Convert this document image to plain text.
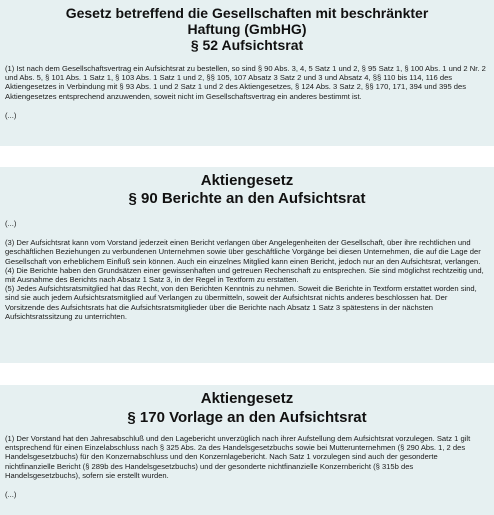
Gesetz betreffend die Gesellschaften mit beschränkter
Haftung (GmbHG)
§ 52 Aufsichtsrat

(1) Ist nach dem Gesellschaftsvertrag ein Aufsichtsrat zu bestellen, so sind § 90 Abs. 3, 4, 5 Satz 1 und 2, § 95 Satz 1, § 100 Abs. 1 und 2 Nr. 2 und Abs. 5, § 101 Abs. 1 Satz 1, § 103 Abs. 1 Satz 1 und 2, §§ 105, 107 Absatz 3 Satz 2 und 3 und Absatz 4, §§ 110 bis 114, 116 des Aktiengesetzes in Verbindung mit § 93 Abs. 1 und 2 Satz 1 und 2 des Aktiengesetzes, § 124 Abs. 3 Satz 2, §§ 170, 171, 394 und 395 des Aktiengesetzes entsprechend anzuwenden, soweit nicht im Gesellschaftsvertrag ein anderes bestimmt ist.

(...)

Aktiengesetz
§ 90 Berichte an den Aufsichtsrat

(...)

(3) Der Aufsichtsrat kann vom Vorstand jederzeit einen Bericht verlangen über Angelegenheiten der Gesellschaft, über ihre rechtlichen und geschäftlichen Beziehungen zu verbundenen Unternehmen sowie über geschäftliche Vorgänge bei diesen Unternehmen, die auf die Lage der Gesellschaft von erheblichem Einfluß sein können. Auch ein einzelnes Mitglied kann einen Bericht, jedoch nur an den Aufsichtsrat, verlangen.

(4) Die Berichte haben den Grundsätzen einer gewissenhaften und getreuen Rechenschaft zu entsprechen. Sie sind möglichst rechtzeitig und, mit Ausnahme des Berichts nach Absatz 1 Satz 3, in der Regel in Textform zu erstatten.

(5) Jedes Aufsichtsratsmitglied hat das Recht, von den Berichten Kenntnis zu nehmen. Soweit die Berichte in Textform erstattet worden sind, sind sie auch jedem Aufsichtsratsmitglied auf Verlangen zu übermitteln, soweit der Aufsichtsrat nichts anderes beschlossen hat. Der Vorsitzende des Aufsichtsrats hat die Aufsichtsratsmitglieder über die Berichte nach Absatz 1 Satz 3 spätestens in der nächsten Aufsichtsratssitzung zu unterrichten.

Aktiengesetz
§ 170 Vorlage an den Aufsichtsrat

(1) Der Vorstand hat den Jahresabschluß und den Lagebericht unverzüglich nach ihrer Aufstellung dem Aufsichtsrat vorzulegen. Satz 1 gilt entsprechend für einen Einzelabschluss nach § 325 Abs. 2a des Handelsgesetzbuchs sowie bei Mutterunternehmen (§ 290 Abs. 1, 2 des Handelsgesetzbuchs) für den Konzernabschluss und den Konzernlagebericht. Nach Satz 1 vorzulegen sind auch der gesonderte nichtfinanzielle Bericht (§ 289b des Handelsgesetzbuchs) und der gesonderte nichtfinanzielle Konzernbericht (§ 315b des Handelsgesetzbuchs), sofern sie erstellt wurden.

(...)
